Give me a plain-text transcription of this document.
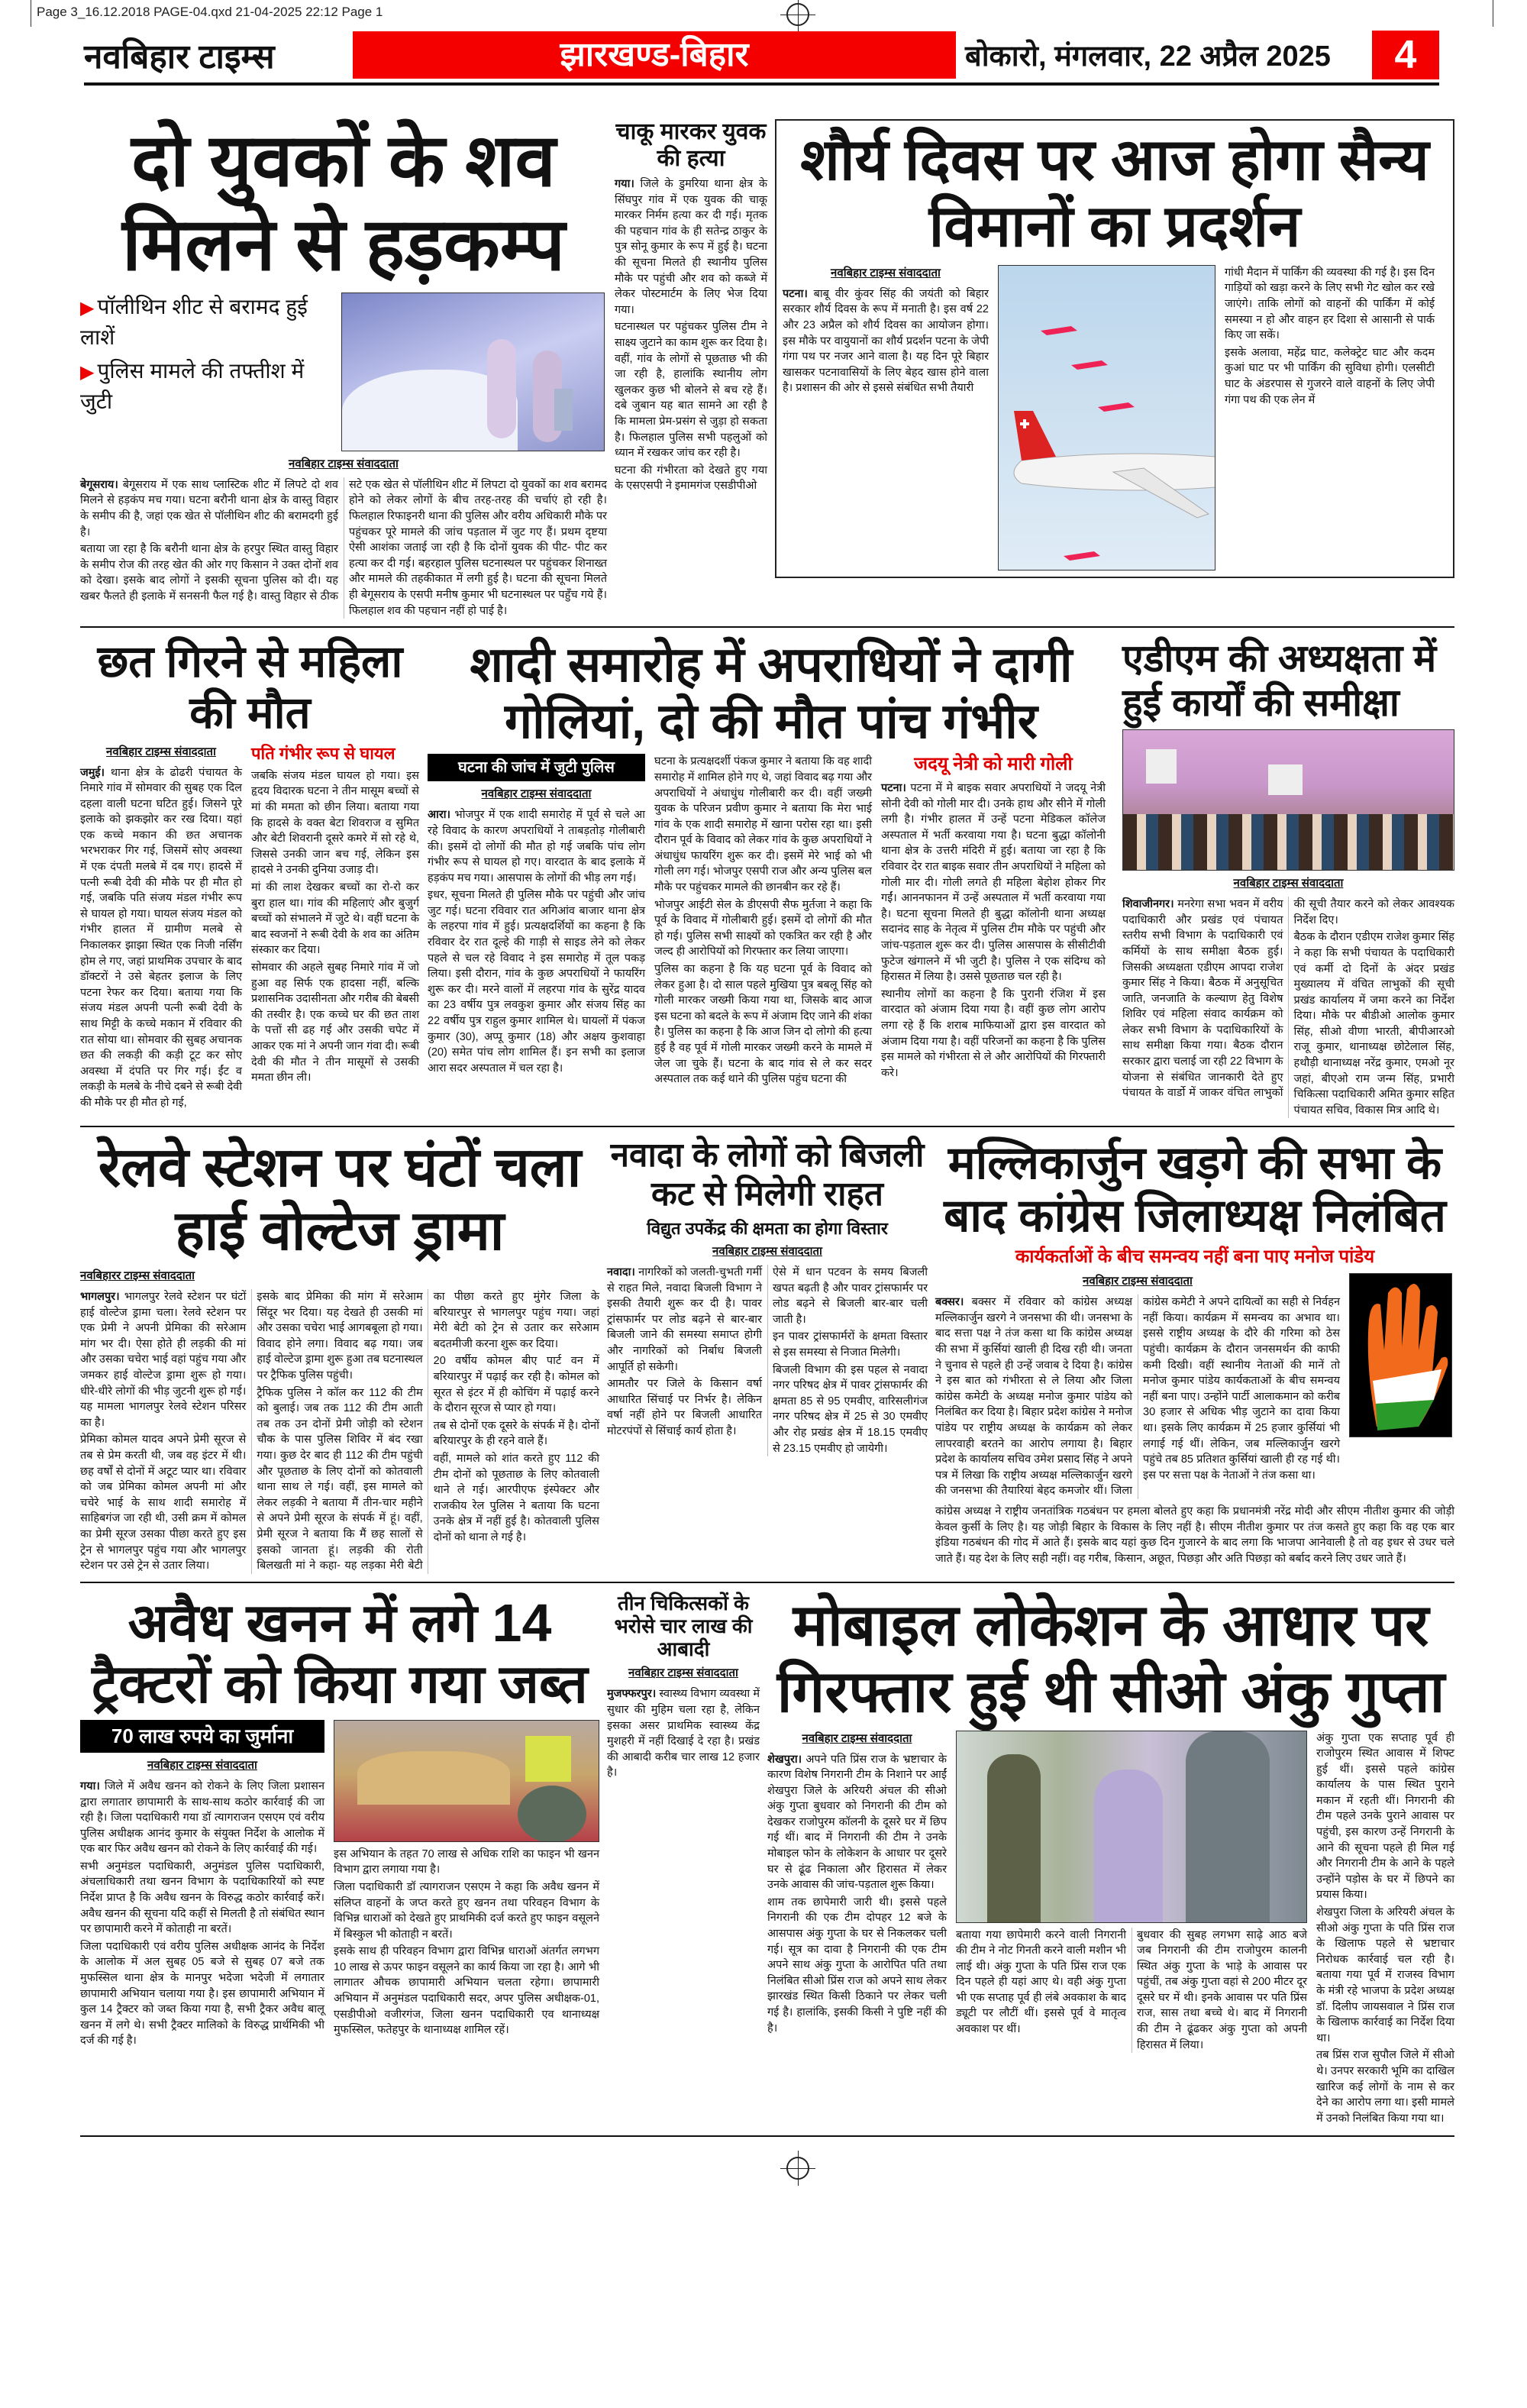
Page 3_16.12.2018 PAGE-04.qxd 21-04-2025 22:12 Page 1
नवबिहार टाइम्स	झारखण्ड-बिहार	बोकारो, मंगलवार, 22 अप्रैल 2025	4
दो युवकों के शव मिलने से हड़कम्प
▶ पॉलीथिन शीट से बरामद हुई लाशें
▶ पुलिस मामले की तफ्तीश में जुटी
नवबिहार टाइम्स संवाददाता

बेगूसराय। बेगूसराय में एक साथ प्लास्टिक शीट में लिपटे दो शव मिलने से हड़कंप मच गया। घटना बरौनी थाना क्षेत्र के वास्तु विहार के समीप की है, जहां एक खेत से पॉलीथिन शीट की बरामदगी हुई है।

बताया जा रहा है कि बरौनी थाना क्षेत्र के हरपुर स्थित वास्तु विहार के समीप रोज की तरह खेत की ओर गए किसान ने उक्त दोनों शव को देखा। इसके बाद लोगों ने इसकी सूचना पुलिस को दी। यह खबर फैलते ही इलाके में सनसनी फैल गई है। वास्तु विहार से ठीक सटे एक खेत से पॉलीथिन शीट में लिपटा दो युवकों का शव बरामद होने को लेकर लोगों के बीच तरह-तरह की चर्चाएं हो रही है। फिलहाल रिफाइनरी थाना की पुलिस और वरीय अधिकारी मौके पर पहुंचकर पूरे मामले की जांच पड़ताल में जुट गए हैं। प्रथम दृष्टया ऐसी आशंका जताई जा रही है कि दोनों युवक की पीट- पीट कर हत्या कर दी गई। बहरहाल पुलिस घटनास्थल पर पहुंचकर शिनाख्त और मामले की तहकीकात में लगी हुई है। घटना की सूचना मिलते ही बेगूसराय के एसपी मनीष कुमार भी घटनास्थल पर पहुँच गये हैं। फिलहाल शव की पहचान नहीं हो पाई है।

चाकू मारकर युवक की हत्या

गया। जिले के डुमरिया थाना क्षेत्र के सिंघपुर गांव में एक युवक की चाकू मारकर निर्मम हत्या कर दी गई। मृतक की पहचान गांव के ही सतेन्द्र ठाकुर के पुत्र सोनू कुमार के रूप में हुई है। घटना की सूचना मिलते ही स्थानीय पुलिस मौके पर पहुंची और शव को कब्जे में लेकर पोस्टमार्टम के लिए भेज दिया गया।

घटनास्थल पर पहुंचकर पुलिस टीम ने साक्ष्य जुटाने का काम शुरू कर दिया है। वहीं, गांव के लोगों से पूछताछ भी की जा रही है, हालांकि स्थानीय लोग खुलकर कुछ भी बोलने से बच रहे हैं। दबे जुबान यह बात सामने आ रही है कि मामला प्रेम-प्रसंग से जुड़ा हो सकता है। फिलहाल पुलिस सभी पहलुओं को ध्यान में रखकर जांच कर रही है।

घटना की गंभीरता को देखते हुए गया के एसएसपी ने इमामगंज एसडीपीओ

शौर्य दिवस पर आज होगा सैन्य विमानों का प्रदर्शन
नवबिहार टाइम्स संवाददाता

पटना। बाबू वीर कुंवर सिंह की जयंती को बिहार सरकार शौर्य दिवस के रूप में मनाती है। इस वर्ष 22 और 23 अप्रैल को शौर्य दिवस का आयोजन होगा। इस मौके पर वायुयानों का शौर्य प्रदर्शन पटना के जेपी गंगा पथ पर नजर आने वाला है। यह दिन पूरे बिहार खासकर पटनावासियों के लिए बेहद खास होने वाला है। प्रशासन की ओर से इससे संबंधित सभी तैयारी

गांधी मैदान में पार्किंग की व्यवस्था की गई है। इस दिन गाड़ियों को खड़ा करने के लिए सभी गेट खोल कर रखे जाएंगे। ताकि लोगों को वाहनों की पार्किंग में कोई समस्या न हो और वाहन हर दिशा से आसानी से पार्क किए जा सकें।

इसके अलावा, महेंद्र घाट, कलेक्ट्रेट घाट और कदम कुआं घाट पर भी पार्किंग की सुविधा होगी। एलसीटी घाट के अंडरपास से गुजरने वाले वाहनों के लिए जेपी गंगा पथ की एक लेन में

छत गिरने से महिला की मौत
नवबिहार टाइम्स संवाददाता

जमुई। थाना क्षेत्र के ढोढरी पंचायत के निमारे गांव में सोमवार की सुबह एक दिल दहला वाली घटना घटित हुई। जिसने पूरे इलाके को झकझोर कर रख दिया। यहां एक कच्चे मकान की छत अचानक भरभराकर गिर गई, जिसमें सोए अवस्था में एक दंपती मलबे में दब गए। हादसे में पत्नी रूबी देवी की मौके पर ही मौत हो गई, जबकि पति संजय मंडल गंभीर रूप से घायल हो गया। घायल संजय मंडल को गंभीर हालत में ग्रामीण मलबे से निकालकर झाझा स्थित एक निजी नर्सिंग होम ले गए, जहां प्राथमिक उपचार के बाद डॉक्टरों ने उसे बेहतर इलाज के लिए पटना रेफर कर दिया। बताया गया कि संजय मंडल अपनी पत्नी रूबी देवी के साथ मिट्टी के कच्चे मकान में रविवार की रात सोया था। सोमवार की सुबह अचानक छत की लकड़ी की कड़ी टूट कर सोए अवस्था में दंपति पर गिर गई। ईंट व लकड़ी के मलबे के नीचे दबने से रूबी देवी की मौके पर ही मौत हो गई,

पति गंभीर रूप से घायल

जबकि संजय मंडल घायल हो गया। इस हृदय विदारक घटना ने तीन मासूम बच्चों से मां की ममता को छीन लिया। बताया गया कि हादसे के वक्त बेटा शिवराज व सुमित और बेटी शिवरानी दूसरे कमरे में सो रहे थे, जिससे उनकी जान बच गई, लेकिन इस हादसे ने उनकी दुनिया उजाड़ दी।

मां की लाश देखकर बच्चों का रो-रो कर बुरा हाल था। गांव की महिलाएं और बुजुर्ग बच्चों को संभालने में जुटे थे। वहीं घटना के बाद स्वजनों ने रूबी देवी के शव का अंतिम संस्कार कर दिया।

सोमवार की अहले सुबह निमारे गांव में जो हुआ वह सिर्फ एक हादसा नहीं, बल्कि प्रशासनिक उदासीनता और गरीब की बेबसी की तस्वीर है। एक कच्चे घर की छत ताश के पत्तों सी ढह गई और उसकी चपेट में आकर एक मां ने अपनी जान गंवा दी। रूबी देवी की मौत ने तीन मासूमों से उसकी ममता छीन ली।

शादी समारोह में अपराधियों ने दागी गोलियां, दो की मौत पांच गंभीर
घटना की जांच में जुटी पुलिस
नवबिहार टाइम्स संवाददाता

आरा। भोजपुर में एक शादी समारोह में पूर्व से चले आ रहे विवाद के कारण अपराधियों ने ताबड़तोड़ गोलीबारी की। इसमें दो लोगों की मौत हो गई जबकि पांच लोग गंभीर रूप से घायल हो गए। वारदात के बाद इलाके में हड़कंप मच गया। आसपास के लोगों की भीड़ लग गई।

इधर, सूचना मिलते ही पुलिस मौके पर पहुंची और जांच जुट गई। घटना रविवार रात अगिआंव बाजार थाना क्षेत्र के लहरपा गांव में हुई। प्रत्यक्षदर्शियों का कहना है कि रविवार देर रात दूल्हे की गाड़ी से साइड लेने को लेकर पहले से चल रहे विवाद ने इस समारोह में तूल पकड़ लिया। इसी दौरान, गांव के कुछ अपराधियों ने फायरिंग शुरू कर दी। मरने वालों में लहरपा गांव के सुरेंद्र यादव का 23 वर्षीय पुत्र लवकुश कुमार और संजय सिंह का 22 वर्षीय पुत्र राहुल कुमार शामिल थे। घायलों में पंकज कुमार (30), अप्पू कुमार (18) और अक्षय कुशवाहा (20) समेत पांच लोग शामिल हैं। इन सभी का इलाज आरा सदर अस्पताल में चल रहा है।

घटना के प्रत्यक्षदर्शी पंकज कुमार ने बताया कि वह शादी समारोह में शामिल होने गए थे, जहां विवाद बढ़ गया और अपराधियों ने अंधाधुंध गोलीबारी कर दी। वहीं जख्मी युवक के परिजन प्रवीण कुमार ने बताया कि मेरा भाई गांव के एक शादी समारोह में खाना परोस रहा था। इसी दौरान पूर्व के विवाद को लेकर गांव के कुछ अपराधियों ने अंधाधुंध फायरिंग शुरू कर दी। इसमें मेरे भाई को भी गोली लग गई। भोजपुर एसपी राज और अन्य पुलिस बल मौके पर पहुंचकर मामले की छानबीन कर रहे हैं।

भोजपुर आईटी सेल के डीएसपी सैफ मुर्तजा ने कहा कि पूर्व के विवाद में गोलीबारी हुई। इसमें दो लोगों की मौत हो गई। पुलिस सभी साक्ष्यों को एकत्रित कर रही है और जल्द ही आरोपियों को गिरफ्तार कर लिया जाएगा।

पुलिस का कहना है कि यह घटना पूर्व के विवाद को लेकर हुआ है। दो साल पहले मुखिया पुत्र बबलू सिंह को गोली मारकर जख्मी किया गया था, जिसके बाद आज इस घटना को बदले के रूप में अंजाम दिए जाने की शंका है। पुलिस का कहना है कि आज जिन दो लोगो की हत्या हुई है वह पूर्व में गोली मारकर जख्मी करने के मामले में जेल जा चुके हैं। घटना के बाद गांव से ले कर सदर अस्पताल तक कई थाने की पुलिस पहुंच घटना की

जदयू नेत्री को मारी गोली

पटना। पटना में मे बाइक सवार अपराधियों ने जदयू नेत्री सोनी देवी को गोली मार दी। उनके हाथ और सीने में गोली लगी है। गंभीर हालत में उन्हें पटना मेडिकल कॉलेज अस्पताल में भर्ती करवाया गया है। घटना बुद्धा कॉलोनी थाना क्षेत्र के उत्तरी मंदिरी में हुई। बताया जा रहा है कि रविवार देर रात बाइक सवार तीन अपराधियों ने महिला को गोली मार दी। गोली लगते ही महिला बेहोश होकर गिर गईं। आननफानन में उन्हें अस्पताल में भर्ती करवाया गया है। घटना सूचना मिलते ही बुद्धा कॉलोनी थाना अध्यक्ष सदानंद साह के नेतृत्व में पुलिस टीम मौके पर पहुंची और जांच-पड़ताल शुरू कर दी। पुलिस आसपास के सीसीटीवी फुटेज खंगालने में भी जुटी है। पुलिस ने एक संदिग्ध को हिरासत में लिया है। उससे पूछताछ चल रही है।

स्थानीय लोगों का कहना है कि पुरानी रंजिश में इस वारदात को अंजाम दिया गया है। वहीं कुछ लोग आरोप लगा रहे हैं कि शराब माफियाओं द्वारा इस वारदात को अंजाम दिया गया है। वहीं परिजनों का कहना है कि पुलिस इस मामले को गंभीरता से ले और आरोपियों की गिरफ्तारी करे।

एडीएम की अध्यक्षता में हुई कार्यों की समीक्षा
नवबिहार टाइम्स संवाददाता

शिवाजीनगर। मनरेगा सभा भवन में वरीय पदाधिकारी और प्रखंड एवं पंचायत स्तरीय सभी विभाग के पदाधिकारी एवं कर्मियों के साथ समीक्षा बैठक हुई। जिसकी अध्यक्षता एडीएम आपदा राजेश कुमार सिंह ने किया। बैठक में अनुसूचित जाति, जनजाति के कल्याण हेतु विशेष शिविर एवं महिला संवाद कार्यक्रम को लेकर सभी विभाग के पदाधिकारियों के साथ समीक्षा किया गया। बैठक दौरान सरकार द्वारा चलाई जा रही 22 विभाग के योजना से संबंधित जानकारी देते हुए पंचायत के वार्डो में जाकर वंचित लाभुकों की सूची तैयार करने को लेकर आवश्यक निर्देश दिए।

बैठक के दौरान एडीएम राजेश कुमार सिंह ने कहा कि सभी पंचायत के पदाधिकारी एवं कर्मी दो दिनों के अंदर प्रखंड मुख्यालय में वंचित लाभुकों की सूची प्रखंड कार्यालय में जमा करने का निर्देश दिया। मौके पर बीडीओ आलोक कुमार सिंह, सीओ वीणा भारती, बीपीआरओ राजू कुमार, थानाध्यक्ष छोटेलाल सिंह, हथौड़ी थानाध्यक्ष नरेंद्र कुमार, एमओ नूर जहां, बीएओ राम जन्म सिंह, प्रभारी चिकित्सा पदाधिकारी अमित कुमार सहित पंचायत सचिव, विकास मित्र आदि थे।

रेलवे स्टेशन पर घंटों चला हाई वोल्टेज ड्रामा
नवबिहारर टाइम्स संवाददाता

भागलपुर। भागलपुर रेलवे स्टेशन पर घंटों हाई वोल्टेज ड्रामा चला। रेलवे स्टेशन पर एक प्रेमी ने अपनी प्रेमिका की सरेआम मांग भर दी। ऐसा होते ही लड़की की मां और उसका चचेरा भाई वहां पहुंच गया और जमकर हाई वोल्टेज ड्रामा शुरू हो गया। धीरे-धीरे लोगों की भीड़ जुटनी शुरू हो गई। यह मामला भागलपुर रेलवे स्टेशन परिसर का है।

प्रेमिका कोमल यादव अपने प्रेमी सूरज से तब से प्रेम करती थी, जब वह इंटर में थी। छह वर्षों से दोनों में अटूट प्यार था। रविवार को जब प्रेमिका कोमल अपनी मां और चचेरे भाई के साथ शादी समारोह में साहिबगंज जा रही थी, उसी क्रम में कोमल का प्रेमी सूरज उसका पीछा करते हुए इस ट्रेन से भागलपुर पहुंच गया और भागलपुर स्टेशन पर उसे ट्रेन से उतार लिया।

इसके बाद प्रेमिका की मांग में सरेआम सिंदूर भर दिया। यह देखते ही उसकी मां और उसका चचेरा भाई आगबबूला हो गया। विवाद होने लगा। विवाद बढ़ गया। जब हाई वोल्टेज ड्रामा शुरू हुआ तब घटनास्थल पर ट्रैफिक पुलिस पहुंची।

ट्रैफिक पुलिस ने कॉल कर 112 की टीम को बुलाई। जब तक 112 की टीम आती तब तक उन दोनों प्रेमी जोड़ी को स्टेशन चौक के पास पुलिस शिविर में बंद रखा गया। कुछ देर बाद ही 112 की टीम पहुंची और पूछताछ के लिए दोनों को कोतवाली थाना साथ ले गई। वहीं, इस मामले को लेकर लड़की ने बताया मैं तीन-चार महीने से अपने प्रेमी सूरज के संपर्क में हूं। वहीं, प्रेमी सूरज ने बताया कि मैं छह सालों से इसको जानता हूं। लड़की की रोती बिलखती मां ने कहा- यह लड़का मेरी बेटी का पीछा करते हुए मुंगेर जिला के बरियारपुर से भागलपुर पहुंच गया। जहां मेरी बेटी को ट्रेन से उतार कर सरेआम बदतमीजी करना शुरू कर दिया।

20 वर्षीय कोमल बीए पार्ट वन में बरियारपुर में पढ़ाई कर रही है। कोमल को सूरत से इंटर में ही कोचिंग में पढ़ाई करने के दौरान सूरज से प्यार हो गया।

तब से दोनों एक दूसरे के संपर्क में है। दोनों बरियारपुर के ही रहने वाले हैं।

वहीं, मामले को शांत करते हुए 112 की टीम दोनों को पूछताछ के लिए कोतवाली थाने ले गई। आरपीएफ इंस्पेक्टर और राजकीय रेल पुलिस ने बताया कि घटना उनके क्षेत्र में नहीं हुई है। कोतवाली पुलिस दोनों को थाना ले गई है।

नवादा के लोगों को बिजली कट से मिलेगी राहत
विद्युत उपकेंद्र की क्षमता का होगा विस्तार
नवबिहार टाइम्स संवाददाता

नवादा। नागरिकों को जलती-चुभती गर्मी से राहत मिले, नवादा बिजली विभाग ने इसकी तैयारी शुरू कर दी है। पावर ट्रांसफार्मर पर लोड बढ़ने से बार-बार बिजली जाने की समस्या समाप्त होगी और नागरिकों को निर्बाध बिजली आपूर्ति हो सकेगी।

आमतौर पर जिले के किसान वर्षा आधारित सिंचाई पर निर्भर है। लेकिन वर्षा नहीं होने पर बिजली आधारित मोटरपंपों से सिंचाई कार्य होता है।

ऐसे में धान पटवन के समय बिजली खपत बढ़ती है और पावर ट्रांसफार्मर पर लोड बढ़ने से बिजली बार-बार चली जाती है।

इन पावर ट्रांसफार्मरों के क्षमता विस्तार से इस समस्या से निजात मिलेगी।

बिजली विभाग की इस पहल से नवादा नगर परिषद क्षेत्र में पावर ट्रांसफार्मर की क्षमता 85 से 95 एमवीए, वारिसलीगंज नगर परिषद क्षेत्र में 25 से 30 एमवीए और रोह प्रखंड क्षेत्र में 18.15 एमवीए से 23.15 एमवीए हो जायेगी।

मल्लिकार्जुन खड़गे की सभा के बाद कांग्रेस जिलाध्यक्ष निलंबित
कार्यकर्ताओं के बीच समन्वय नहीं बना पाए मनोज पांडेय
नवबिहार टाइम्स संवाददाता

बक्सर। बक्सर में रविवार को कांग्रेस अध्यक्ष मल्लिकार्जुन खरगे ने जनसभा की थी। जनसभा के बाद सत्ता पक्ष ने तंज कसा था कि कांग्रेस अध्यक्ष की सभा में कुर्सियां खाली ही दिख रही थी। जनता ने चुनाव से पहले ही उन्हें जवाब दे दिया है। कांग्रेस ने इस बात को गंभीरता से ले लिया और जिला कांग्रेस कमेटी के अध्यक्ष मनोज कुमार पांडेय को निलंबित कर दिया है। बिहार प्रदेश कांग्रेस ने मनोज पांडेय पर राष्ट्रीय अध्यक्ष के कार्यक्रम को लेकर लापरवाही बरतने का आरोप लगाया है। बिहार प्रदेश के कार्यालय सचिव उमेश प्रसाद सिंह ने अपने पत्र में लिखा कि राष्ट्रीय अध्यक्ष मल्लिकार्जुन खरगे की जनसभा की तैयारियां बेहद कमजोर थीं। जिला कांग्रेस कमेटी ने अपने दायित्वों का सही से निर्वहन नहीं किया। कार्यक्रम में समन्वय का अभाव था। इससे राष्ट्रीय अध्यक्ष के दौरे की गरिमा को ठेस पहुंची। कार्यक्रम के दौरान जनसमर्थन की काफी कमी दिखी। वहीं स्थानीय नेताओं की मानें तो मनोज कुमार पांडेय कार्यकताओं के बीच समन्वय नहीं बना पाए। उन्होंने पार्टी आलाकमान को करीब 30 हजार से अधिक भीड़ जुटाने का दावा किया था। इसके लिए कार्यक्रम में 25 हजार कुर्सियां भी लगाई गई थीं। लेकिन, जब मल्लिकार्जुन खरगे पहुंचे तब 85 प्रतिशत कुर्सियां खाली ही रह गई थी। इस पर सत्ता पक्ष के नेताओं ने तंज कसा था।

कांग्रेस अध्यक्ष ने राष्ट्रीय जनतांत्रिक गठबंधन पर हमला बोलते हुए कहा कि प्रधानमंत्री नरेंद्र मोदी और सीएम नीतीश कुमार की जोड़ी केवल कुर्सी के लिए है। यह जोड़ी बिहार के विकास के लिए नहीं है। सीएम नीतीश कुमार पर तंज कसते हुए कहा कि वह एक बार इंडिया गठबंधन की गोद में आते हैं। इसके बाद यहां कुछ दिन गुजारने के बाद लगा कि भाजपा आनेवाली है तो वह इधर से उधर चले जाते हैं। यह देश के लिए सही नहीं। वह गरीब, किसान, अछूत, पिछड़ा और अति पिछड़ा को बर्बाद करने लिए उधर जाते हैं।

अवैध खनन में लगे 14 ट्रैक्टरों को किया गया जब्त
70 लाख रुपये का जुर्माना
नवबिहार टाइम्स संवाददाता

गया। जिले में अवैध खनन को रोकने के लिए जिला प्रशासन द्वारा लगातार छापामारी के साथ-साथ कठोर कार्रवाई की जा रही है। जिला पदाधिकारी गया डॉ त्यागराजन एसएम एवं वरीय पुलिस अधीक्षक आनंद कुमार के संयुक्त निर्देश के आलोक में एक बार फिर अवैध खनन को रोकने के लिए कार्रवाई की गई।

सभी अनुमंडल पदाधिकारी, अनुमंडल पुलिस पदाधिकारी, अंचलाधिकारी तथा खनन विभाग के पदाधिकारियों को स्पष्ट निर्देश प्राप्त है कि अवैध खनन के विरुद्ध कठोर कार्रवाई करें। अवैध खनन की सूचना यदि कहीं से मिलती है तो संबंधित स्थान पर छापामारी करने में कोताही ना बरतें।

जिला पदाधिकारी एवं वरीय पुलिस अधीक्षक आनंद के निर्देश के आलोक में अल सुबह 05 बजे से सुबह 07 बजे तक मुफस्सिल थाना क्षेत्र के मानपुर भदेजा भदेजी में लगातार छापामारी अभियान चलाया गया है। इस छापामारी अभियान में कुल 14 ट्रैक्टर को जब्त किया गया है, सभी ट्रैकर अवैध बालू खनन में लगे थे। सभी ट्रैक्टर मालिको के विरुद्ध प्रार्थमिकी भी दर्ज की गई है।

इस अभियान के तहत 70 लाख से अधिक राशि का फाइन भी खनन विभाग द्वारा लगाया गया है।

जिला पदाधिकारी डॉ त्यागराजन एसएम ने कहा कि अवैध खनन में संलिप्त वाहनों के जप्त करते हुए खनन तथा परिवहन विभाग के विभिन्न धाराओं को देखते हुए प्राथमिकी दर्ज करते हुए फाइन वसूलने में बिस्कुल भी कोताही न बरतें।

इसके साथ ही परिवहन विभाग द्वारा विभिन्न धाराओं अंतर्गत लगभग 10 लाख से ऊपर फाइन वसूलने का कार्य किया जा रहा है। आगे भी लागातर औचक छापामारी अभियान चलता रहेगा। छापामारी अभियान में अनुमंडल पदाधिकारी सदर, अपर पुलिस अधीक्षक-01, एसडीपीओ वजीरगंज, जिला खनन पदाधिकारी एव थानाध्यक्ष मुफस्सिल, फतेहपुर के थानाध्यक्ष शामिल रहें।

तीन चिकित्सकों के भरोसे चार लाख की आबादी
नवबिहार टाइम्स संवाददाता

मुजफ्फरपुर। स्वास्थ्य विभाग व्यवस्था में सुधार की मुहिम चला रहा है, लेकिन इसका असर प्राथमिक स्वास्थ्य केंद्र मुशहरी में नहीं दिखाई दे रहा है। प्रखंड की आबादी करीब चार लाख 12 हजार है।

मोबाइल लोकेशन के आधार पर गिरफ्तार हुई थी सीओ अंकु गुप्ता
नवबिहार टाइम्स संवाददाता

शेखपुरा। अपने पति प्रिंस राज के भ्रष्टाचार के कारण विशेष निगरानी टीम के निशाने पर आईं शेखपुरा जिले के अरियरी अंचल की सीओ अंकु गुप्ता बुधवार को निगरानी की टीम को देखकर राजोपुरम कॉलनी के दूसरे घर में छिप गई थीं। बाद में निगरानी की टीम ने उनके मोबाइल फोन के लोकेशन के आधार पर दूसरे घर से ढूंढ निकाला और हिरासत में लेकर उनके आवास की जांच-पड़ताल शुरू किया।

शाम तक छापेमारी जारी थी। इससे पहले निगरानी की एक टीम दोपहर 12 बजे के आसपास अंकु गुप्ता के घर से निकलकर चली गई। सूत्र का दावा है निगरानी की एक टीम अपने साथ अंकु गुप्ता के आरोपित पति तथा निलंबित सीओ प्रिंस राज को अपने साथ लेकर झारखंड स्थित किसी ठिकाने पर लेकर चली गई है। हालांकि, इसकी किसी ने पुष्टि नहीं की है।

बताया गया छापेमारी करने वाली निगरानी की टीम ने नोट गिनती करने वाली मशीन भी लाई थी। अंकु गुप्ता के पति प्रिंस राज एक दिन पहले ही यहां आए थे। वही अंकु गुप्ता भी एक सप्ताह पूर्व ही लंबे अवकाश के बाद ड्यूटी पर लौटीं थीं। इससे पूर्व वे मातृत्व अवकाश पर थीं।

बुधवार की सुबह लगभग साढ़े आठ बजे जब निगरानी की टीम राजोपुरम कालनी स्थित अंकु गुप्ता के भाड़े के आवास पर पहुंचीं, तब अंकु गुप्ता वहां से 200 मीटर दूर दूसरे घर में थी। इनके आवास पर पति प्रिंस राज, सास तथा बच्चे थे। बाद में निगरानी की टीम ने ढूंढकर अंकु गुप्ता को अपनी हिरासत में लिया।

अंकु गुप्ता एक सप्ताह पूर्व ही राजोपुरम स्थित आवास में शिफ्ट हुई थीं। इससे पहले कांग्रेस कार्यालय के पास स्थित पुराने मकान में रहती थीं। निगरानी की टीम पहले उनके पुराने आवास पर पहुंची, इस कारण उन्हें निगरानी के आने की सूचना पहले ही मिल गई और निगरानी टीम के आने के पहले उन्होंने पड़ोस के घर में छिपने का प्रयास किया।

शेखपुरा जिला के अरियरी अंचल के सीओ अंकु गुप्ता के पति प्रिंस राज के खिलाफ पहले से भ्रष्टाचार निरोधक कार्रवाई चल रही है। बताया गया पूर्व में राजस्व विभाग के मंत्री रहे भाजपा के प्रदेश अध्यक्ष डॉ. दिलीप जायसवाल ने प्रिंस राज के खिलाफ कार्रवाई का निर्देश दिया था।

तब प्रिंस राज सुपौल जिले में सीओ थे। उनपर सरकारी भूमि का दाखिल खारिज कई लोगों के नाम से कर देने का आरोप लगा था। इसी मामले में उनको निलंबित किया गया था।
